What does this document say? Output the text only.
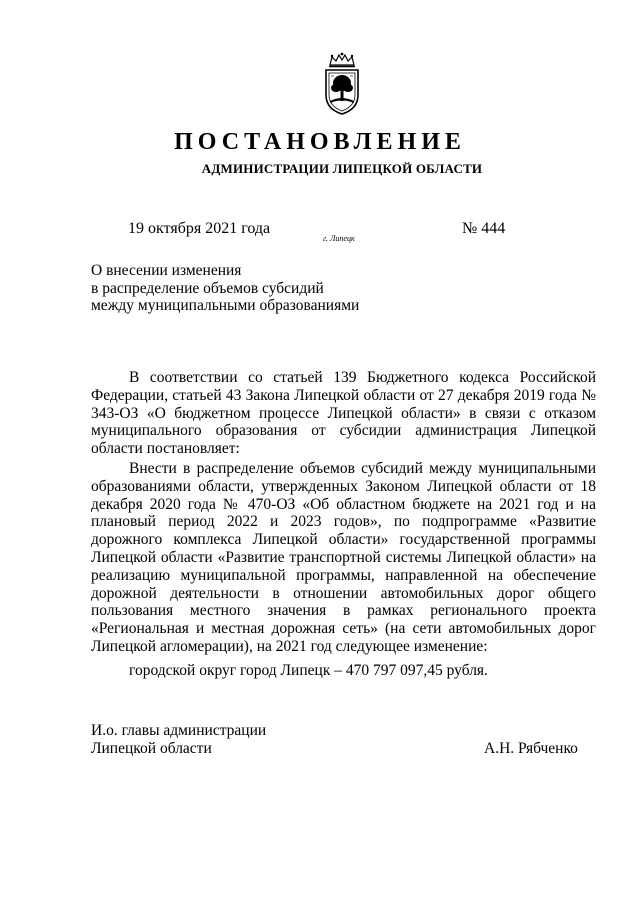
ПОСТАНОВЛЕНИЕ
АДМИНИСТРАЦИИ ЛИПЕЦКОЙ ОБЛАСТИ
19 октября 2021 года
г. Липецк
№ 444
О внесении изменения
в распределение объемов субсидий
между муниципальными образованиями

В соответствии со статьей 139 Бюджетного кодекса Российской Федерации, статьей 43 Закона Липецкой области от 27 декабря 2019 года № 343-ОЗ «О бюджетном процессе Липецкой области» в связи с отказом муниципального образования от субсидии администрация Липецкой области постановляет:

Внести в распределение объемов субсидий между муниципальными образованиями области, утвержденных Законом Липецкой области от 18 декабря 2020 года № 470-ОЗ «Об областном бюджете на 2021 год и на плановый период 2022 и 2023 годов», по подпрограмме «Развитие дорожного комплекса Липецкой области» государственной программы Липецкой области «Развитие транспортной системы Липецкой области» на реализацию муниципальной программы, направленной на обеспечение дорожной деятельности в отношении автомобильных дорог общего пользования местного значения в рамках регионального проекта «Региональная и местная дорожная сеть» (на сети автомобильных дорог Липецкой агломерации), на 2021 год следующее изменение:

городской округ город Липецк – 470 797 097,45 рубля.

И.о. главы администрации
Липецкой области	А.Н. Рябченко
